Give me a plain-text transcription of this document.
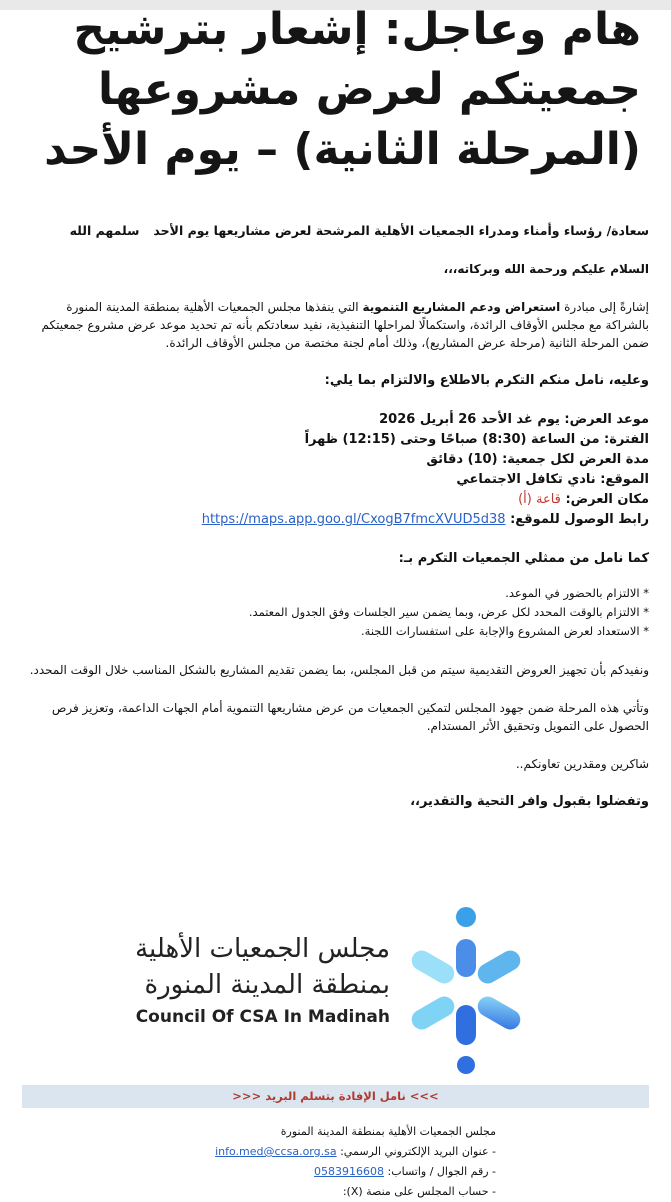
هام وعاجل: إشعار بترشيح
جمعيتكم لعرض مشروعها
(المرحلة الثانية) – يوم الأحد
سعادة/ رؤساء وأمناء ومدراء الجمعيات الأهلية المرشحة لعرض مشاريعها يوم الأحد
سلمهم الله

السلام عليكم ورحمة الله وبركاته،،،

إشارةً إلى مبادرة استعراض ودعم المشاريع التنموية التي ينفذها مجلس الجمعيات الأهلية بمنطقة المدينة المنورة بالشراكة مع مجلس الأوقاف الرائدة، واستكمالًا لمراحلها التنفيذية، نفيد سعادتكم بأنه تم تحديد موعد عرض مشروع جمعيتكم ضمن المرحلة الثانية (مرحلة عرض المشاريع)، وذلك أمام لجنة مختصة من مجلس الأوقاف الرائدة.

وعليه، نامل منكم التكرم بالاطلاع والالتزام بما يلي:

موعد العرض: يوم غد الأحد 26 أبريل 2026
الفترة: من الساعة (8:30) صباحًا وحتى (12:15) ظهراً
مدة العرض لكل جمعية: (10) دقائق
الموقع: نادي تكافل الاجتماعي
مكان العرض: قاعة (أ)
رابط الوصول للموقع: https://maps.app.goo.gl/CxogB7fmcXVUD5d38

كما نامل من ممثلي الجمعيات التكرم بـ:

* الالتزام بالحضور في الموعد.

* الالتزام بالوقت المحدد لكل عرض، وبما يضمن سير الجلسات وفق الجدول المعتمد.

* الاستعداد لعرض المشروع والإجابة على استفسارات اللجنة.

ونفيدكم بأن تجهيز العروض التقديمية سيتم من قبل المجلس، بما يضمن تقديم المشاريع بالشكل المناسب خلال الوقت المحدد.

وتأتي هذه المرحلة ضمن جهود المجلس لتمكين الجمعيات من عرض مشاريعها التنموية أمام الجهات الداعمة، وتعزيز فرص الحصول على التمويل وتحقيق الأثر المستدام.

شاكرين ومقدرين تعاونكم..

وتفضلوا بقبول وافر التحية والتقدير،،

مجلس الجمعيات الأهلية
بمنطقة المدينة المنورة
Council Of CSA In Madinah
>>> نامل الإفادة بتسلم البريد <<<
مجلس الجمعيات الأهلية بمنطقة المدينة المنورة
- عنوان البريد الإلكتروني الرسمي: info.med@ccsa.org.sa
- رقم الجوال / واتساب: 0583916608
- حساب المجلس على منصة (X):
